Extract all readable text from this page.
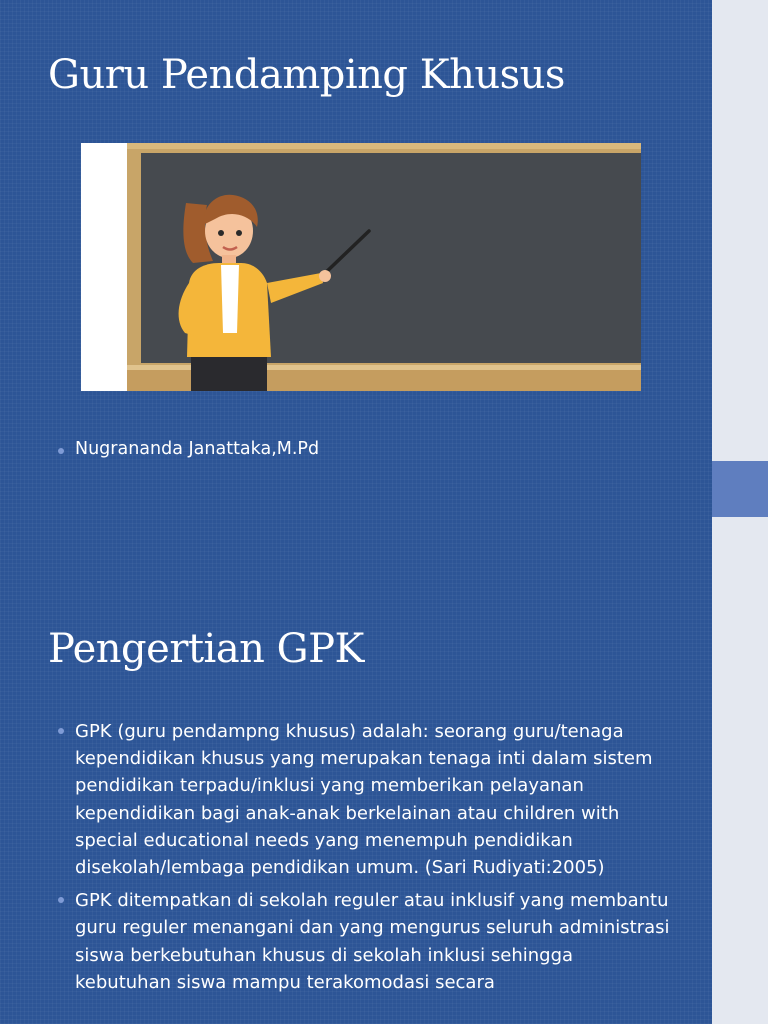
Guru Pendamping Khusus
Nugrananda Janattaka,M.Pd
Pengertian GPK
GPK (guru pendampng khusus) adalah: seorang guru/tenaga kependidikan khusus yang merupakan tenaga inti dalam sistem pendidikan terpadu/inklusi yang memberikan pelayanan kependidikan bagi anak-anak berkelainan atau children with special educational needs yang menempuh pendidikan disekolah/lembaga pendidikan umum. (Sari Rudiyati:2005)
GPK ditempatkan di sekolah reguler atau inklusif yang membantu guru reguler menangani dan yang mengurus seluruh administrasi siswa berkebutuhan khusus di sekolah inklusi sehingga kebutuhan siswa mampu terakomodasi secara
